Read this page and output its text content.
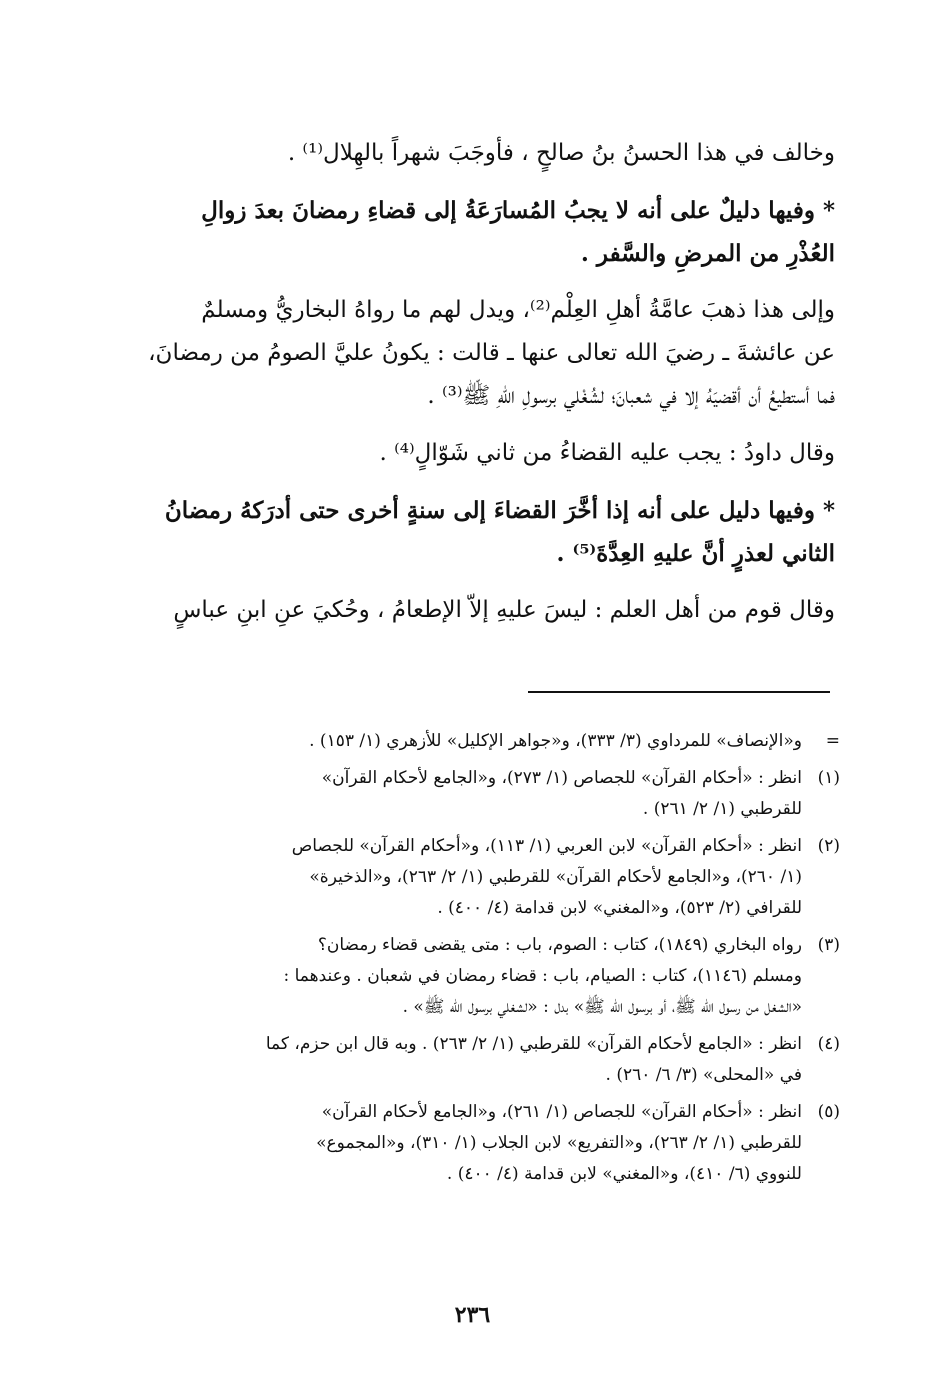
وخالف في هذا الحسنُ بنُ صالحٍ ، فأوجَبَ شهراً بالهِلال⁽¹⁾ .

* وفيها دليلٌ على أنه لا يجبُ المُسارَعَةُ إلى قضاءِ رمضانَ بعدَ زوالِ
العُذْرِ من المرضِ والسَّفر .

وإلى هذا ذهبَ عامَّةُ أهلِ العِلْم⁽²⁾، ويدل لهم ما رواهُ البخاريُّ ومسلمٌ
عن عائشةَ ـ رضيَ الله تعالى عنها ـ قالت : يكونُ عليَّ الصومُ من رمضانَ،
فما أستطيعُ أن أقضيَهُ إلا في شعبانَ؛ لشُغْلي برسولِ اللهِ ﷺ⁽³⁾ .

وقال داودُ : يجب عليه القضاءُ من ثاني شَوّالٍ⁽⁴⁾ .

* وفيها دليل على أنه إذا أخَّرَ القضاءَ إلى سنةٍ أخرى حتى أدرَكهُ رمضانُ
الثاني لعذرٍ أنَّ عليهِ العِدَّةَ⁽⁵⁾ .

وقال قوم من أهل العلم : ليسَ عليهِ إلاّ الإطعامُ ، وحُكيَ عنِ ابنِ عباسٍ

=
و«الإنصاف» للمرداوي (٣/ ٣٣٣)، و«جواهر الإكليل» للأزهري (١/ ١٥٣) .
(١)
انظر : «أحكام القرآن» للجصاص (١/ ٢٧٣)، و«الجامع لأحكام القرآن»
للقرطبي (١/ ٢/ ٢٦١) .
(٢)
انظر : «أحكام القرآن» لابن العربي (١/ ١١٣)، و«أحكام القرآن» للجصاص
(١/ ٢٦٠)، و«الجامع لأحكام القرآن» للقرطبي (١/ ٢/ ٢٦٣)، و«الذخيرة»
للقرافي (٢/ ٥٢٣)، و«المغني» لابن قدامة (٤/ ٤٠٠) .
(٣)
رواه البخاري (١٨٤٩)، كتاب : الصوم، باب : متى يقضى قضاء رمضان؟
ومسلم (١١٤٦)، كتاب : الصيام، باب : قضاء رمضان في شعبان . وعندهما :
«الشغل من رسول الله ﷺ، أو برسول الله ﷺ» بدل : «لشغلي برسول الله ﷺ» .
(٤)
انظر : «الجامع لأحكام القرآن» للقرطبي (١/ ٢/ ٢٦٣) . وبه قال ابن حزم، كما
في «المحلى» (٣/ ٦/ ٢٦٠) .
(٥)
انظر : «أحكام القرآن» للجصاص (١/ ٢٦١)، و«الجامع لأحكام القرآن»
للقرطبي (١/ ٢/ ٢٦٣)، و«التفريع» لابن الجلاب (١/ ٣١٠)، و«المجموع»
للنووي (٦/ ٤١٠)، و«المغني» لابن قدامة (٤/ ٤٠٠) .
٢٣٦
